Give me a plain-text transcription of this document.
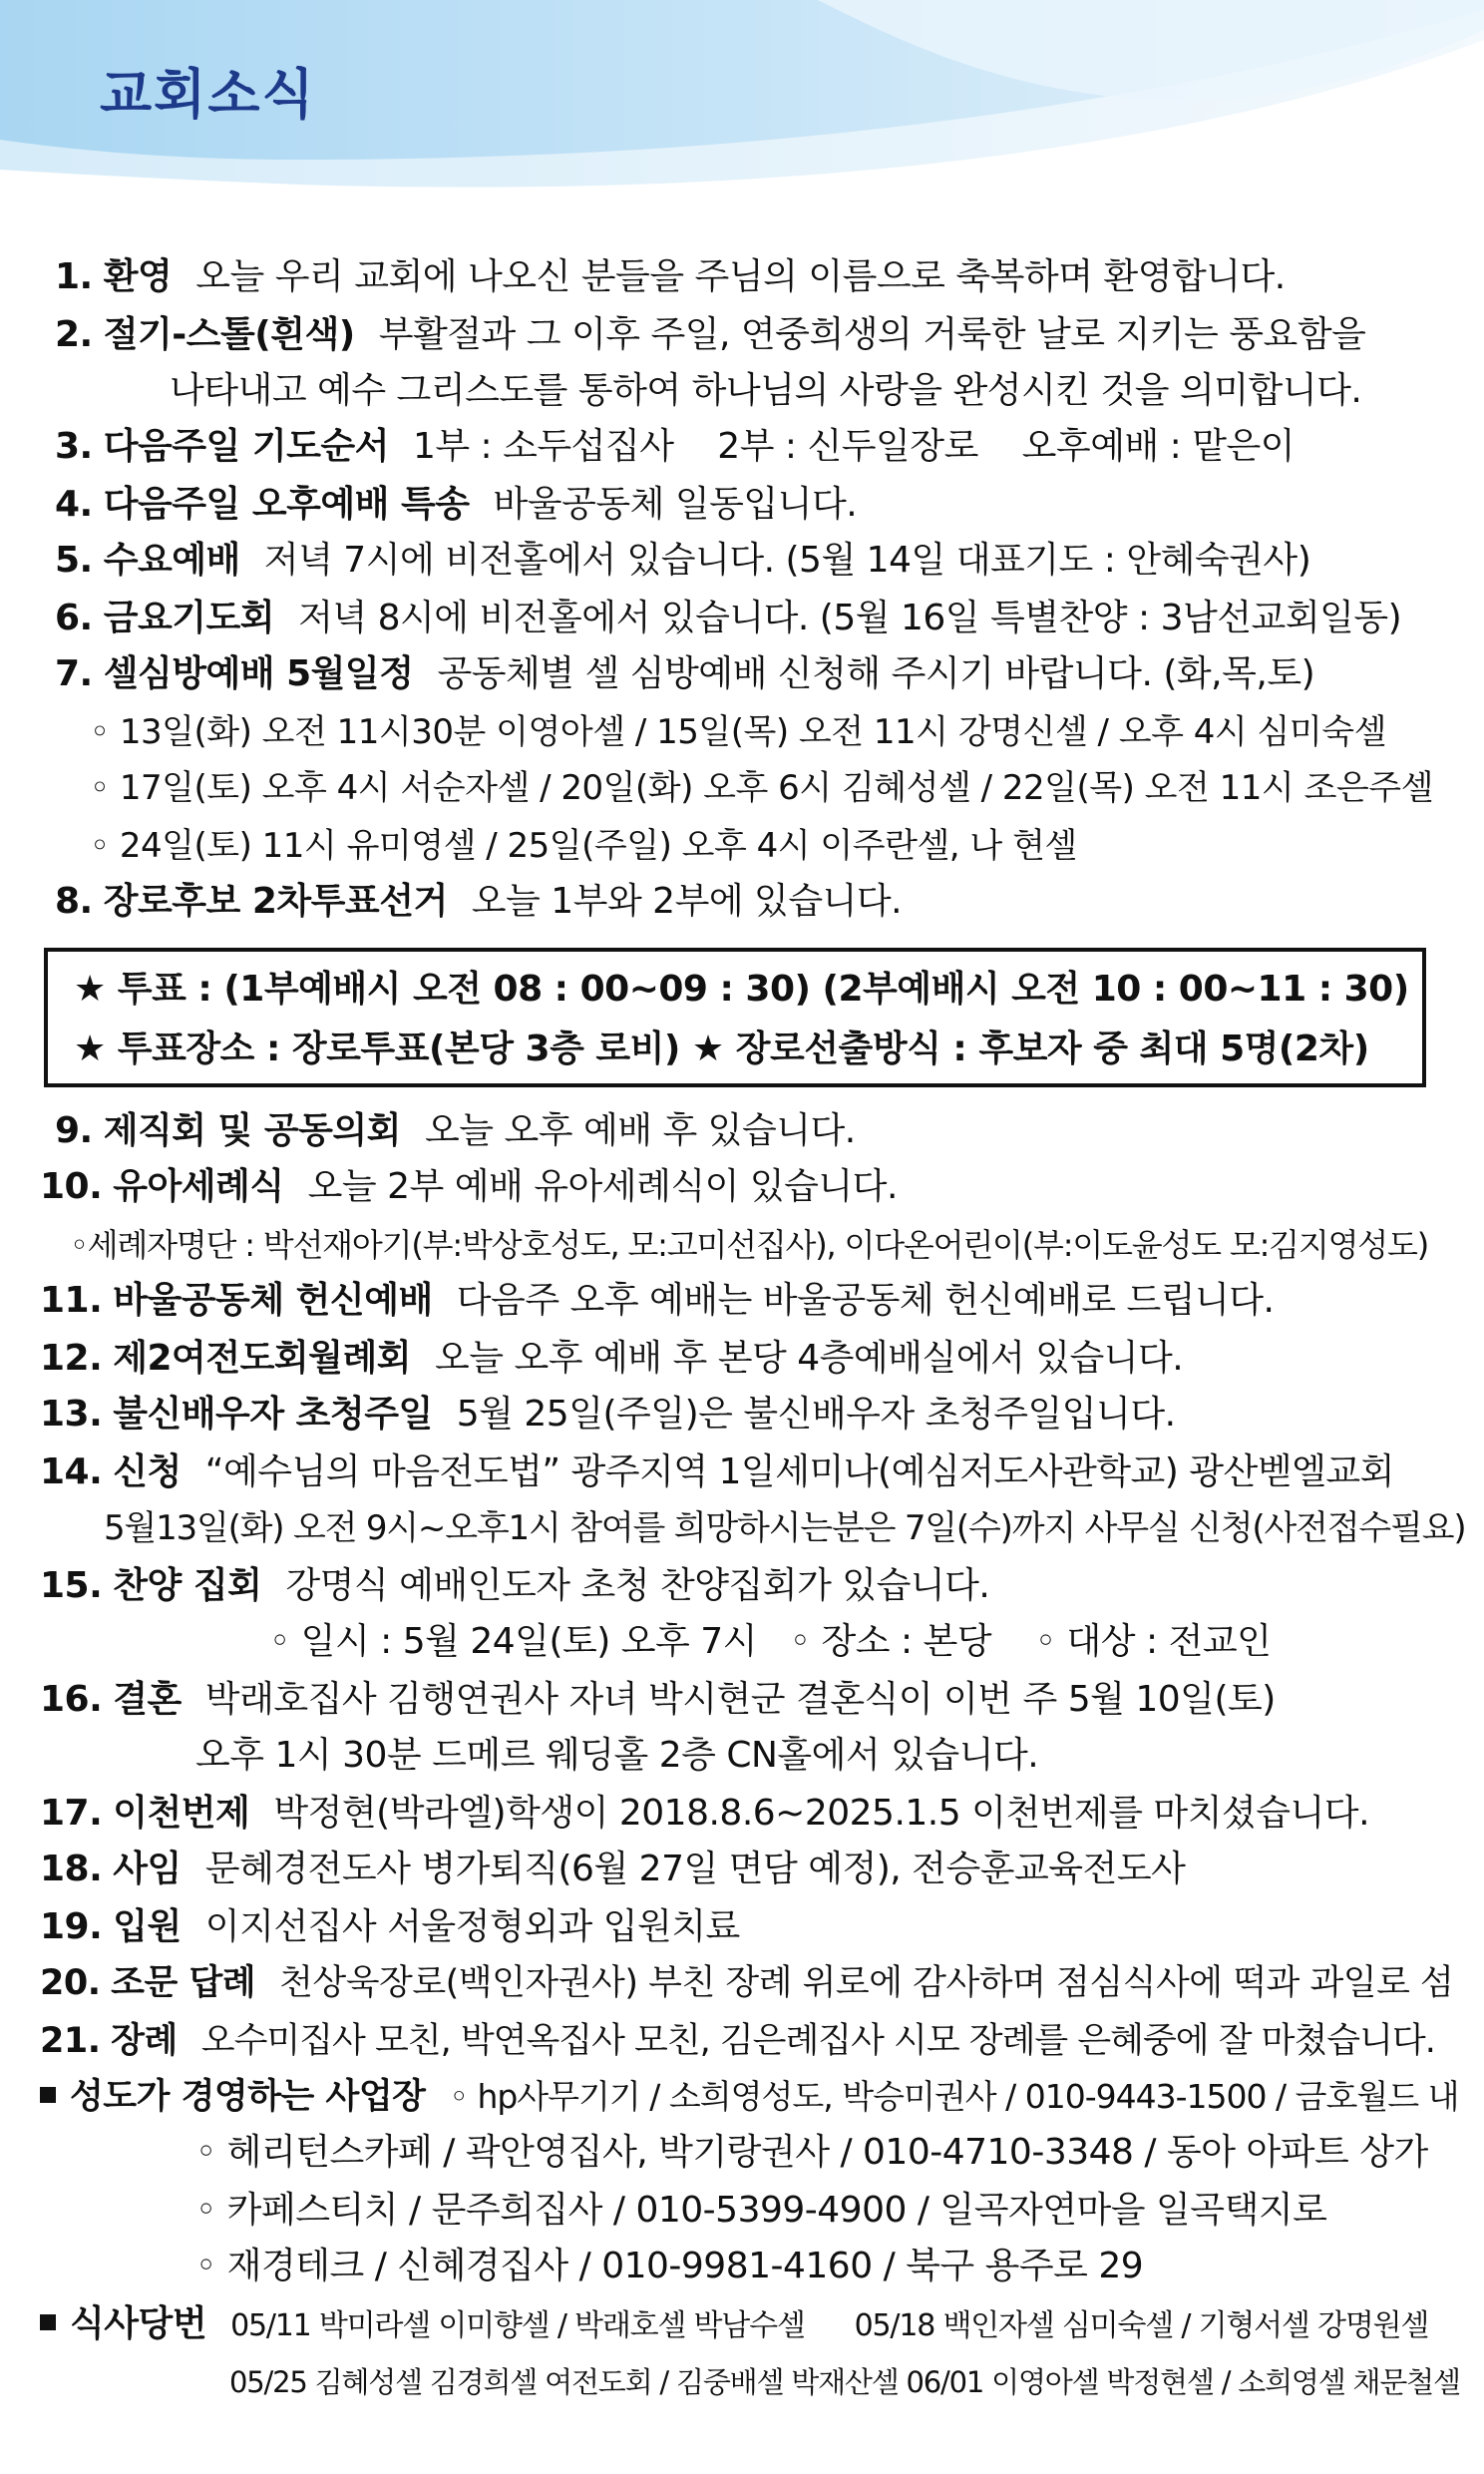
교회소식
1. 환영 오늘 우리 교회에 나오신 분들을 주님의 이름으로 축복하며 환영합니다.
2. 절기-스톨(흰색) 부활절과 그 이후 주일, 연중희생의 거룩한 날로 지키는 풍요함을
나타내고 예수 그리스도를 통하여 하나님의 사랑을 완성시킨 것을 의미합니다.
3. 다음주일 기도순서 1부 : 소두섭집사    2부 : 신두일장로    오후예배 : 맡은이
4. 다음주일 오후예배 특송 바울공동체 일동입니다.
5. 수요예배 저녁 7시에 비전홀에서 있습니다. (5월 14일 대표기도 : 안혜숙권사)
6. 금요기도회 저녁 8시에 비전홀에서 있습니다. (5월 16일 특별찬양 : 3남선교회일동)
7. 셀심방예배 5월일정 공동체별 셀 심방예배 신청해 주시기 바랍니다. (화,목,토)
◦ 13일(화) 오전 11시30분 이영아셀 / 15일(목) 오전 11시 강명신셀 / 오후 4시 심미숙셀
◦ 17일(토) 오후 4시 서순자셀 / 20일(화) 오후 6시 김혜성셀 / 22일(목) 오전 11시 조은주셀
◦ 24일(토) 11시 유미영셀 / 25일(주일) 오후 4시 이주란셀, 나 현셀
8. 장로후보 2차투표선거 오늘 1부와 2부에 있습니다.
★ 투표 : (1부예배시 오전 08 : 00~09 : 30) (2부예배시 오전 10 : 00~11 : 30)
★ 투표장소 : 장로투표(본당 3층 로비) ★ 장로선출방식 : 후보자 중 최대 5명(2차)
9. 제직회 및 공동의회 오늘 오후 예배 후 있습니다.
10. 유아세례식 오늘 2부 예배 유아세례식이 있습니다.
◦세례자명단 : 박선재아기(부:박상호성도, 모:고미선집사), 이다온어린이(부:이도윤성도 모:김지영성도)
11. 바울공동체 헌신예배 다음주 오후 예배는 바울공동체 헌신예배로 드립니다.
12. 제2여전도회월례회 오늘 오후 예배 후 본당 4층예배실에서 있습니다.
13. 불신배우자 초청주일 5월 25일(주일)은 불신배우자 초청주일입니다.
14. 신청 “예수님의 마음전도법” 광주지역 1일세미나(예심저도사관학교) 광산벧엘교회
5월13일(화) 오전 9시~오후1시 참여를 희망하시는분은 7일(수)까지 사무실 신청(사전접수필요)
15. 찬양 집회 강명식 예배인도자 초청 찬양집회가 있습니다.
◦ 일시 : 5월 24일(토) 오후 7시   ◦ 장소 : 본당    ◦ 대상 : 전교인
16. 결혼 박래호집사 김행연권사 자녀 박시현군 결혼식이 이번 주 5월 10일(토)
오후 1시 30분 드메르 웨딩홀 2층 CN홀에서 있습니다.
17. 이천번제 박정현(박라엘)학생이 2018.8.6~2025.1.5 이천번제를 마치셨습니다.
18. 사임 문혜경전도사 병가퇴직(6월 27일 면담 예정), 전승훈교육전도사
19. 입원 이지선집사 서울정형외과 입원치료
20. 조문 답례 천상욱장로(백인자권사) 부친 장례 위로에 감사하며 점심식사에 떡과 과일로 섬
21. 장례 오수미집사 모친, 박연옥집사 모친, 김은례집사 시모 장례를 은혜중에 잘 마쳤습니다.
성도가 경영하는 사업장 ◦ hp사무기기 / 소희영성도, 박승미권사 / 010-9443-1500 / 금호월드 내
◦ 헤리턴스카페 / 곽안영집사, 박기랑권사 / 010-4710-3348 / 동아 아파트 상가
◦ 카페스티치 / 문주희집사 / 010-5399-4900 / 일곡자연마을 일곡택지로
◦ 재경테크 / 신혜경집사 / 010-9981-4160 / 북구 용주로 29
식사당번 05/11 박미라셀 이미향셀 / 박래호셀 박남수셀      05/18 백인자셀 심미숙셀 / 기형서셀 강명원셀
05/25 김혜성셀 김경희셀 여전도회 / 김중배셀 박재산셀 06/01 이영아셀 박정현셀 / 소희영셀 채문철셀
